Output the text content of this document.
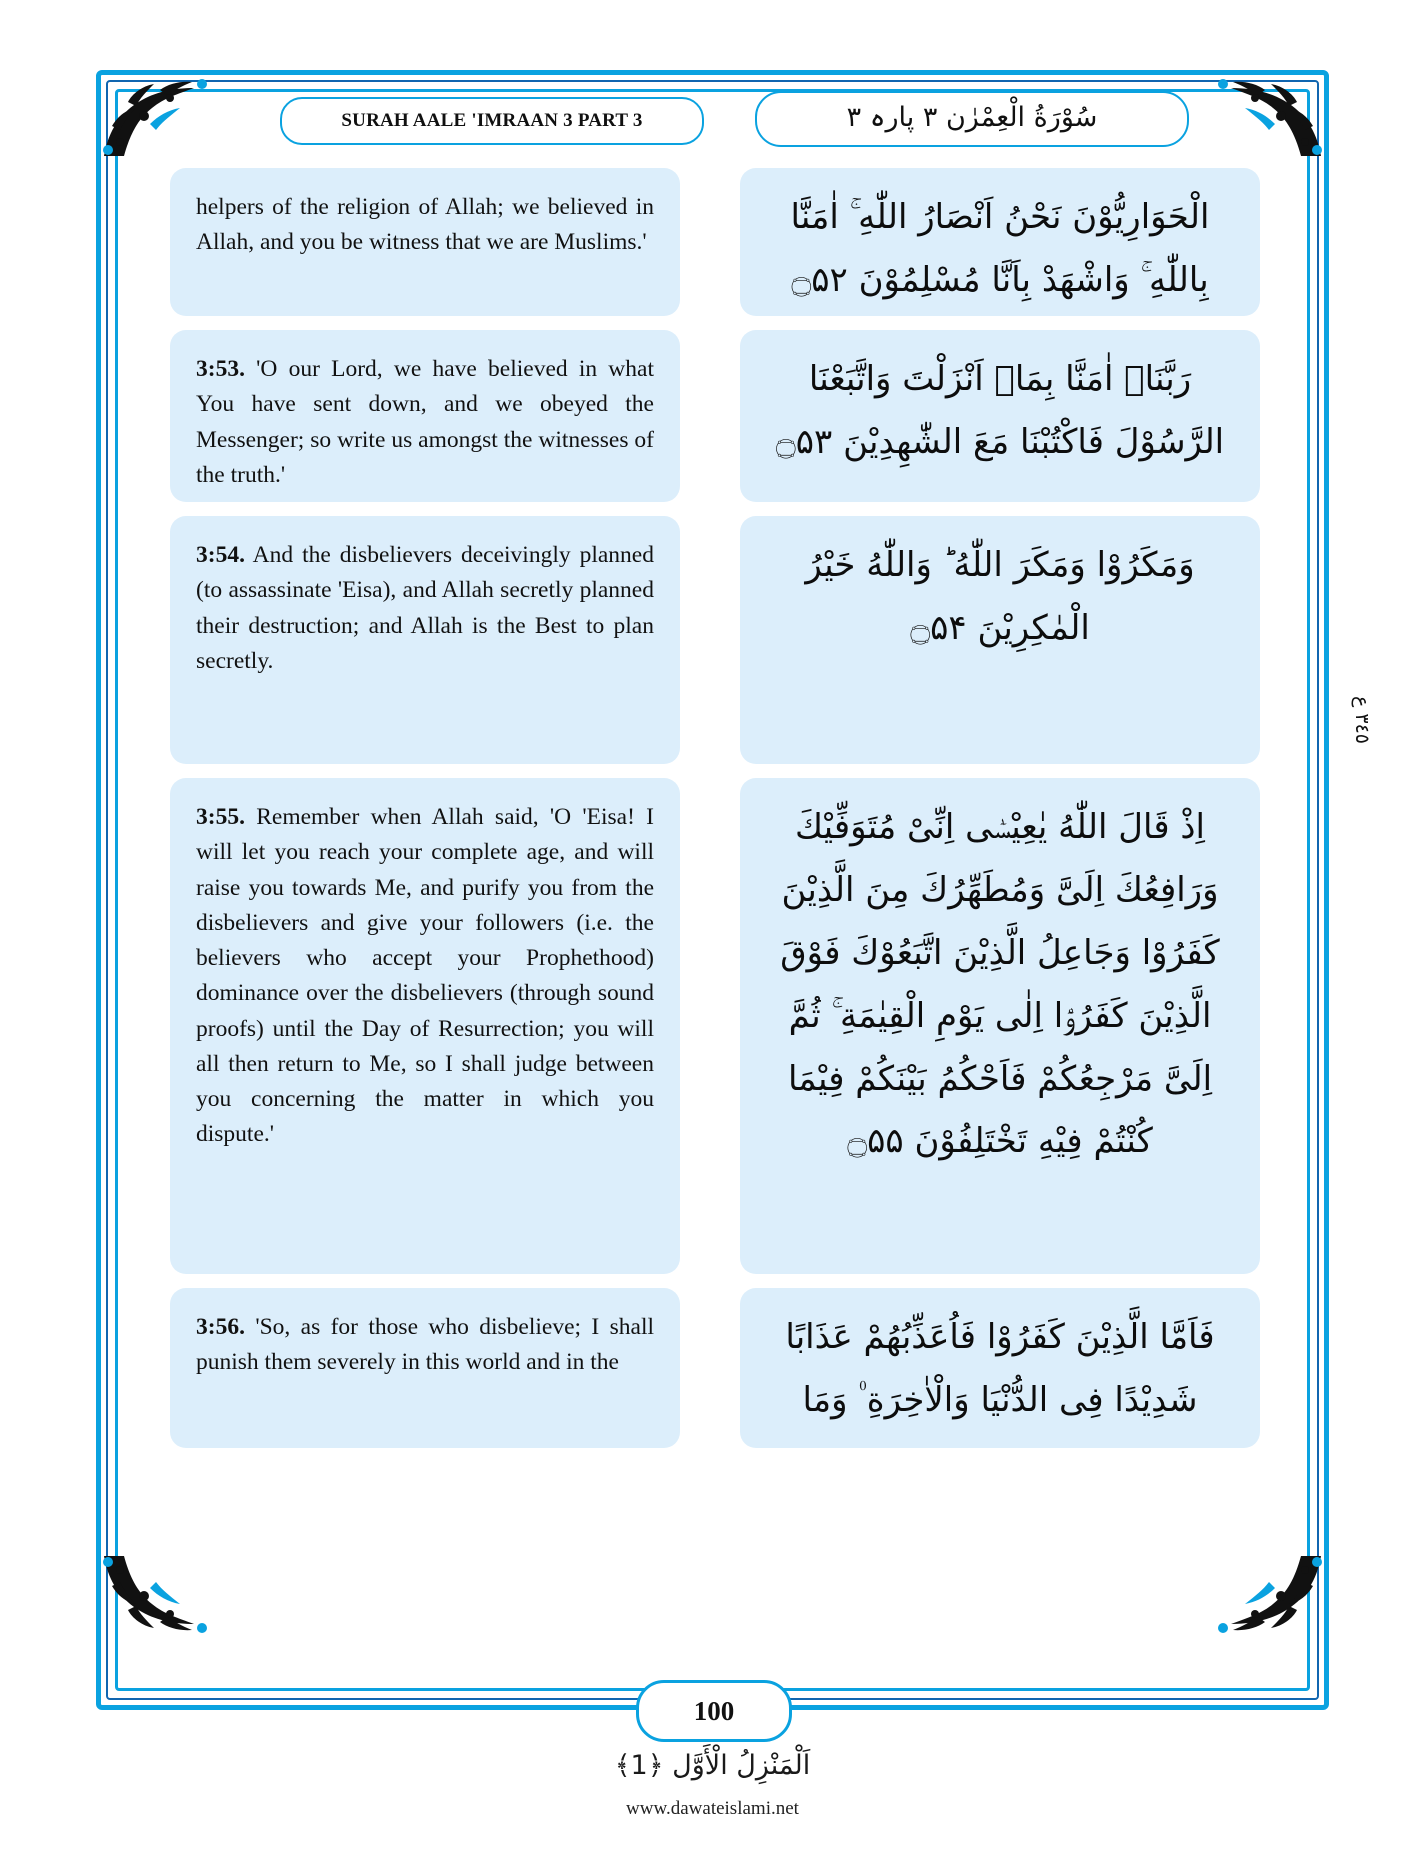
SURAH AALE 'IMRAAN 3 PART 3	سُوْرَةُ الْعِمْرٰن ٣ پارہ ٣
helpers of the religion of Allah; we believed in Allah, and you be witness that we are Muslims.'
الْحَوَارِيُّوْنَ نَحْنُ اَنْصَارُ اللّٰهِ ۚ اٰمَنَّا بِاللّٰهِ ۚ وَاشْهَدْ بِاَنَّا مُسْلِمُوْنَ ۝۵۲
3:53. 'O our Lord, we have believed in what You have sent down, and we obeyed the Messenger; so write us amongst the witnesses of the truth.'
رَبَّنَاۤ اٰمَنَّا بِمَاۤ اَنْزَلْتَ وَاتَّبَعْنَا الرَّسُوْلَ فَاكْتُبْنَا مَعَ الشّٰهِدِيْنَ ۝۵۳
3:54. And the disbelievers deceivingly planned (to assassinate 'Eisa), and Allah secretly planned their destruction; and Allah is the Best to plan secretly.
وَمَكَرُوْا وَمَكَرَ اللّٰهُ ؕ وَاللّٰهُ خَيْرُ الْمٰكِرِيْنَ ۝۵۴
3:55. Remember when Allah said, 'O 'Eisa! I will let you reach your complete age, and will raise you towards Me, and purify you from the disbelievers and give your followers (i.e. the believers who accept your Prophethood) dominance over the disbelievers (through sound proofs) until the Day of Resurrection; you will all then return to Me, so I shall judge between you concerning the matter in which you dispute.'
اِذْ قَالَ اللّٰهُ يٰعِيْسٰۤى اِنِّىْ مُتَوَفِّيْكَ وَرَافِعُكَ اِلَیَّ وَمُطَهِّرُكَ مِنَ الَّذِيْنَ كَفَرُوْا وَجَاعِلُ الَّذِيْنَ اتَّبَعُوْكَ فَوْقَ الَّذِيْنَ كَفَرُوْۤا اِلٰى يَوْمِ الْقِيٰمَةِ ۚ ثُمَّ اِلَیَّ مَرْجِعُكُمْ فَاَحْكُمُ بَيْنَكُمْ فِيْمَا كُنْتُمْ فِيْهِ تَخْتَلِفُوْنَ ۝۵۵
3:56. 'So, as for those who disbelieve; I shall punish them severely in this world and in the
فَاَمَّا الَّذِيْنَ كَفَرُوْا فَاُعَذِّبُهُمْ عَذَابًا شَدِيْدًا فِى الدُّنْيَا وَالْاٰخِرَةِ ۠ وَمَا
٣٤٥ ع
100
اَلْمَنْزِلُ الْأَوَّل ﴿1﴾
www.dawateislami.net
